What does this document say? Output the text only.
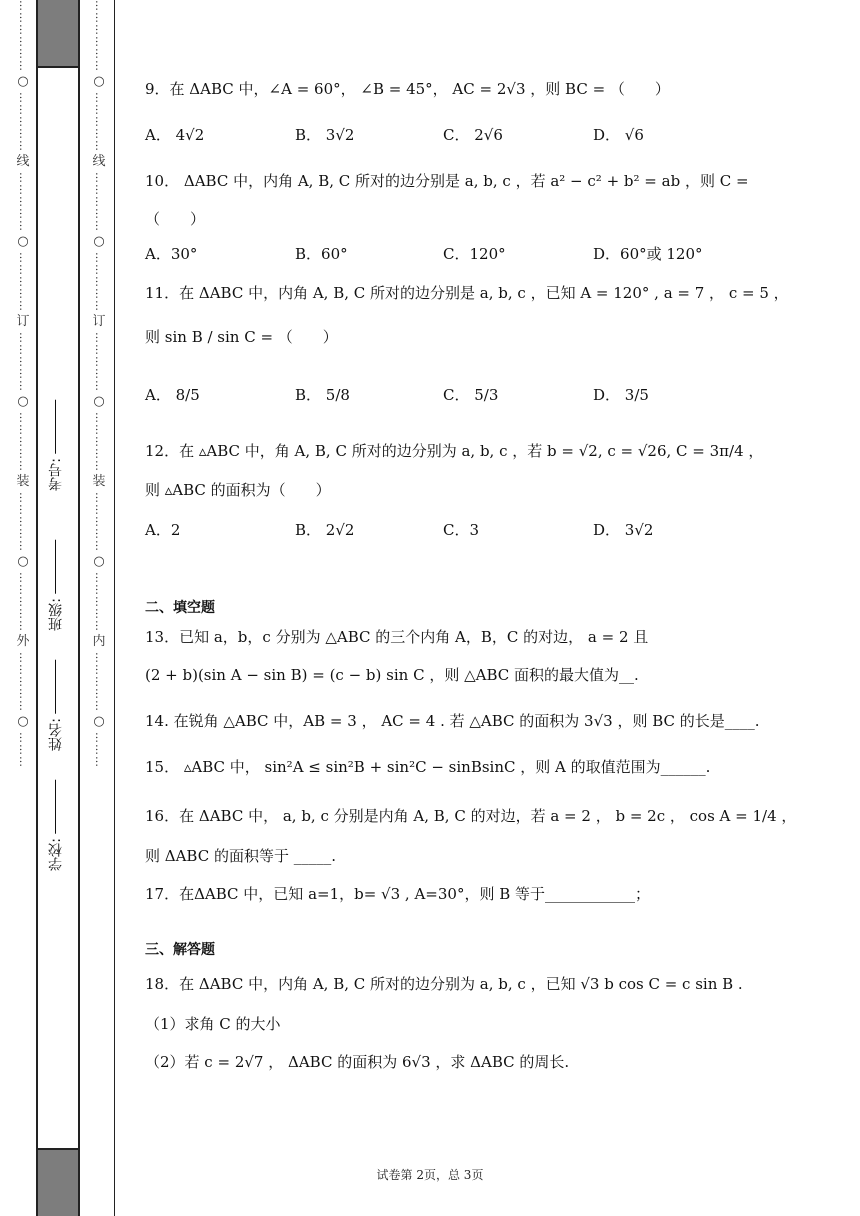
………………
○
……………
线
……………
○
……………
订
……………
○
……………
装
……………
○
……………
外
……………
○
………
学校:
姓名:
班级:
考号:
………………
○
……………
线
……………
○
……………
订
……………
○
……………
装
……………
○
……………
内
……………
○
………
9．在 ΔABC 中，∠A = 60°， ∠B = 45°， AC = 2√3 ，则 BC = （　　）
A． 4√2	B． 3√2	C． 2√6	D． √6
10． ΔABC 中，内角 A, B, C 所对的边分别是 a, b, c ，若 a² − c² + b² = ab ，则 C =
（　　）
A．30°	B．60°	C．120°	D．60°或 120°
11．在 ΔABC 中，内角 A, B, C 所对的边分别是 a, b, c ，已知 A = 120° , a = 7 ， c = 5 ，
则 sin B / sin C = （　　）
A． 8/5	B． 5/8	C． 5/3	D． 3/5
12．在 ▵ABC 中，角 A, B, C 所对的边分别为 a, b, c ，若 b = √2, c = √26, C = 3π/4 ，
则 ▵ABC 的面积为（　　）
A．2	B． 2√2	C．3	D． 3√2
二、填空题
13．已知 a，b，c 分别为 △ABC 的三个内角 A，B，C 的对边， a = 2 且
(2 + b)(sin A − sin B) = (c − b) sin C ，则 △ABC 面积的最大值为__.
14. 在锐角 △ABC 中，AB = 3 ， AC = 4 . 若 △ABC 的面积为 3√3 ，则 BC 的长是____.
15． ▵ABC 中， sin²A ≤ sin²B + sin²C − sinBsinC ，则 A 的取值范围为______.
16．在 ΔABC 中， a, b, c 分别是内角 A, B, C 的对边，若 a = 2 ， b = 2c ， cos A = 1/4 ，
则 ΔABC 的面积等于 _____.
17．在ΔABC 中，已知 a=1，b= √3 , A=30°，则 B 等于____________；
三、解答题
18．在 ΔABC 中，内角 A, B, C 所对的边分别为 a, b, c ，已知 √3 b cos C = c sin B .
（1）求角 C 的大小
（2）若 c = 2√7 ， ΔABC 的面积为 6√3 ，求 ΔABC 的周长.
试卷第 2页，总 3页
